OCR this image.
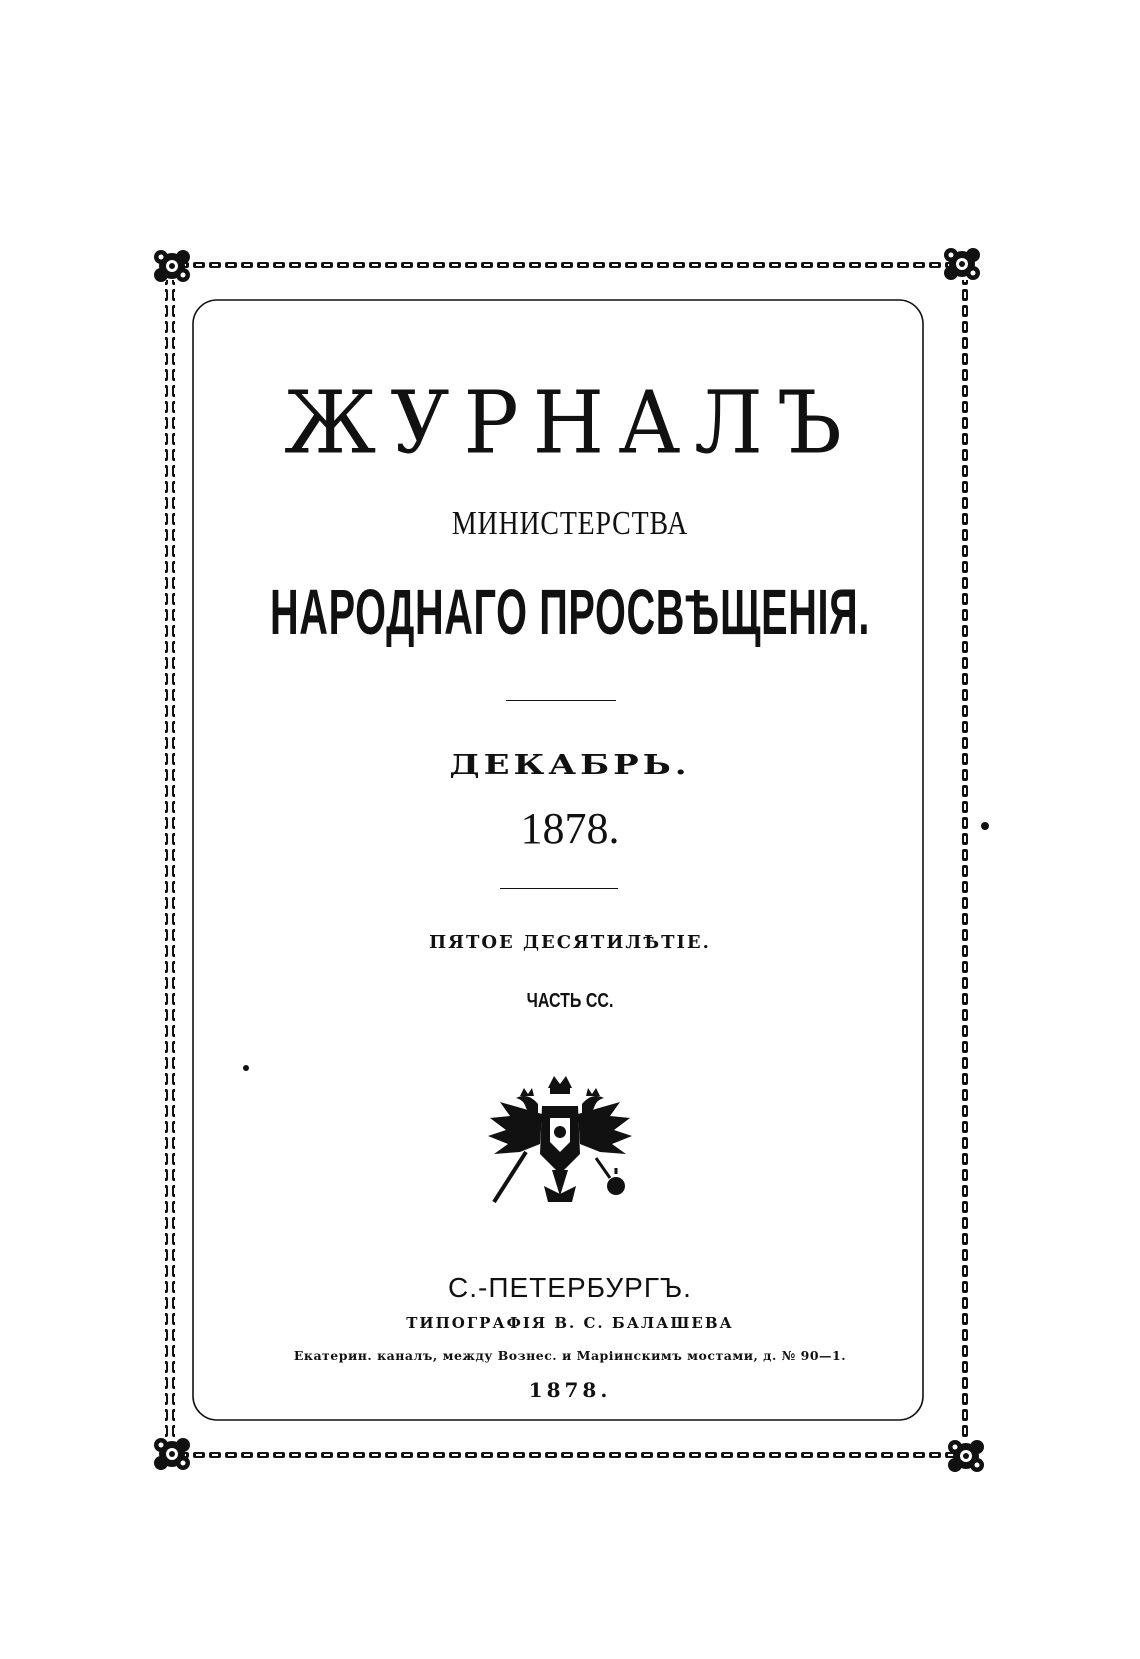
ЖУРНАЛЪ
МИНИСТЕРСТВА
НАРОДНАГО ПРОСВѢЩЕНІЯ.
ДЕКАБРЬ.
1878.
ПЯТОЕ ДЕСЯТИЛѢТІЕ.
ЧАСТЬ СС.
С.-ПЕТЕРБУРГЪ.
ТИПОГРАФІЯ В. С. БАЛАШЕВА
Екатерин. каналъ, между Вознес. и Маріинскимъ мостами, д. № 90—1.
1878.
